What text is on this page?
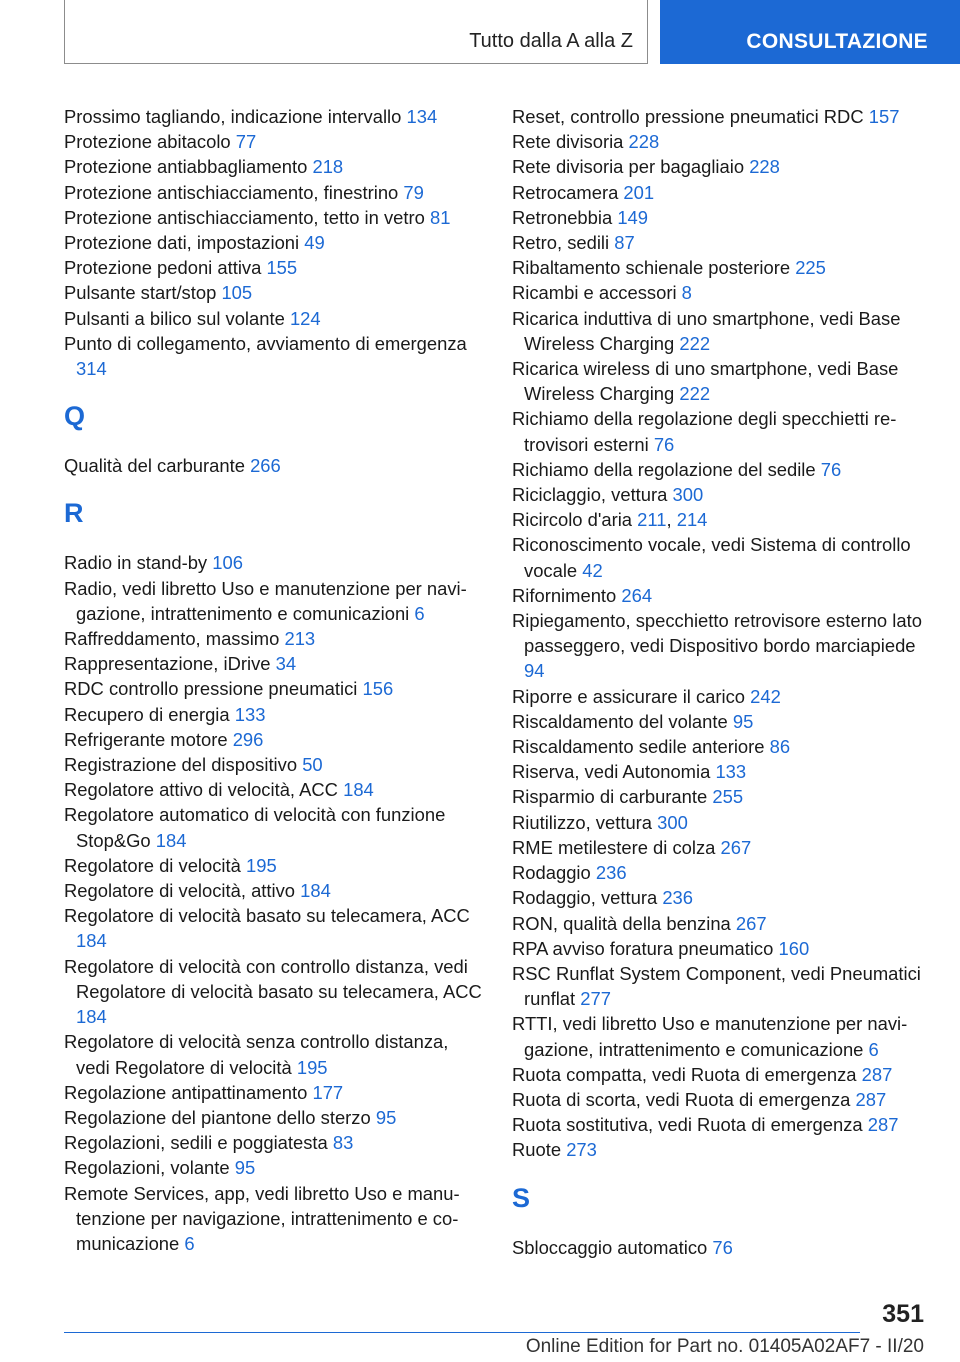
Tutto dalla A alla Z	CONSULTAZIONE
Prossimo tagliando, indicazione intervallo 134
Protezione abitacolo 77
Protezione antiabbagliamento 218
Protezione antischiacciamento, finestrino 79
Protezione antischiacciamento, tetto in vetro 81
Protezione dati, impostazioni 49
Protezione pedoni attiva 155
Pulsante start/stop 105
Pulsanti a bilico sul volante 124
Punto di collegamento, avviamento di emergenza 314
Q
Qualità del carburante 266
R
Radio in stand-by 106
Radio, vedi libretto Uso e manutenzione per navigazione, intrattenimento e comunicazioni 6
Raffreddamento, massimo 213
Rappresentazione, iDrive 34
RDC controllo pressione pneumatici 156
Recupero di energia 133
Refrigerante motore 296
Registrazione del dispositivo 50
Regolatore attivo di velocità, ACC 184
Regolatore automatico di velocità con funzione Stop&Go 184
Regolatore di velocità 195
Regolatore di velocità, attivo 184
Regolatore di velocità basato su telecamera, ACC 184
Regolatore di velocità con controllo distanza, vedi Regolatore di velocità basato su telecamera, ACC 184
Regolatore di velocità senza controllo distanza, vedi Regolatore di velocità 195
Regolazione antipattinamento 177
Regolazione del piantone dello sterzo 95
Regolazioni, sedili e poggiatesta 83
Regolazioni, volante 95
Remote Services, app, vedi libretto Uso e manutenzione per navigazione, intrattenimento e comunicazione 6
Reset, controllo pressione pneumatici RDC 157
Rete divisoria 228
Rete divisoria per bagagliaio 228
Retrocamera 201
Retronebbia 149
Retro, sedili 87
Ribaltamento schienale posteriore 225
Ricambi e accessori 8
Ricarica induttiva di uno smartphone, vedi Base Wireless Charging 222
Ricarica wireless di uno smartphone, vedi Base Wireless Charging 222
Richiamo della regolazione degli specchietti retrovisori esterni 76
Richiamo della regolazione del sedile 76
Riciclaggio, vettura 300
Ricircolo d'aria 211, 214
Riconoscimento vocale, vedi Sistema di controllo vocale 42
Rifornimento 264
Ripiegamento, specchietto retrovisore esterno lato passeggero, vedi Dispositivo bordo marciapiede 94
Riporre e assicurare il carico 242
Riscaldamento del volante 95
Riscaldamento sedile anteriore 86
Riserva, vedi Autonomia 133
Risparmio di carburante 255
Riutilizzo, vettura 300
RME metilestere di colza 267
Rodaggio 236
Rodaggio, vettura 236
RON, qualità della benzina 267
RPA avviso foratura pneumatico 160
RSC Runflat System Component, vedi Pneumatici runflat 277
RTTI, vedi libretto Uso e manutenzione per navigazione, intrattenimento e comunicazione 6
Ruota compatta, vedi Ruota di emergenza 287
Ruota di scorta, vedi Ruota di emergenza 287
Ruota sostitutiva, vedi Ruota di emergenza 287
Ruote 273
S
Sbloccaggio automatico 76
351
Online Edition for Part no. 01405A02AF7 - II/20
